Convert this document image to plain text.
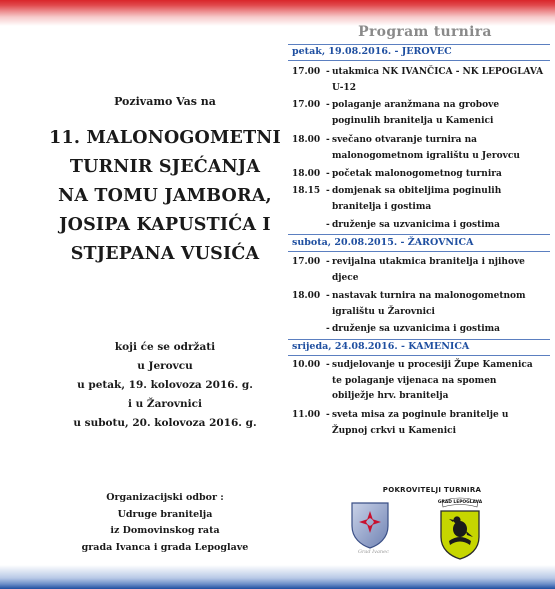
Pozivamo Vas na
11. MALONOGOMETNI
TURNIR SJEĆANJA
NA TOMU JAMBORA,
JOSIPA KAPUSTIĆA I
STJEPANA VUSIĆA
koji će se održati
u Jerovcu
u petak, 19. kolovoza 2016. g.
i u Žarovnici
u subotu, 20. kolovoza 2016. g.
Organizacijski odbor :
Udruge branitelja
iz Domovinskog rata
grada Ivanca i grada Lepoglave
Program turnira
petak, 19.08.2016. - JEROVEC
17.00 - utakmica NK IVANČICA - NK LEPOGLAVA
U-12
17.00 - polaganje aranžmana na grobove
poginulih branitelja u Kamenici
18.00 - svečano otvaranje turnira na
malonogometnom igralištu u Jerovcu
18.00 - početak malonogometnog turnira
18.15 - domjenak sa obiteljima poginulih
branitelja i gostima
- druženje sa uzvanicima i gostima
subota, 20.08.2015. - ŽAROVNICA
17.00 - revijalna utakmica branitelja i njihove
djece
18.00 - nastavak turnira na malonogometnom
igralištu u Žarovnici
- druženje sa uzvanicima i gostima
srijeda, 24.08.2016. - KAMENICA
10.00 - sudjelovanje u procesiji Župe Kamenica
te polaganje vijenaca na spomen
obilježje hrv. branitelja
11.00 - sveta misa za poginule branitelje u
Župnoj crkvi u Kamenici
POKROVITELJI TURNIRA
Grad Ivanec
GRAD LEPOGLAVA
